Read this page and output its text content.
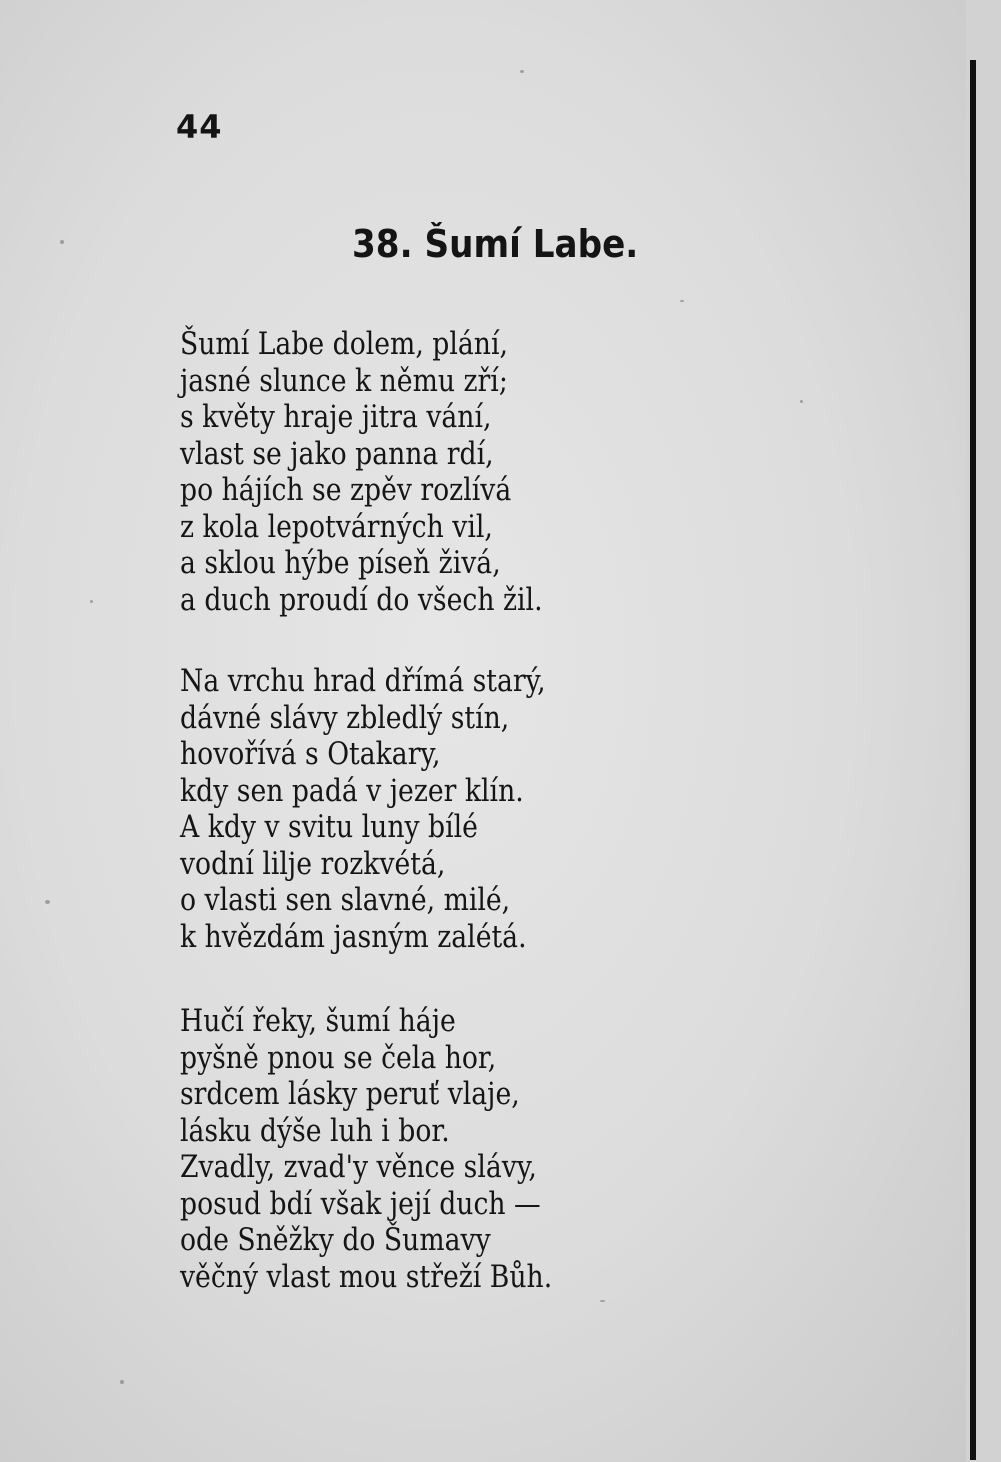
44
38. Šumí Labe.
Šumí Labe dolem, plání,
jasné slunce k němu zří;
s květy hraje jitra vání,
vlast se jako panna rdí,
po hájích se zpěv rozlívá
z kola lepotvárných vil,
a sklou hýbe píseň živá,
a duch proudí do všech žil.
Na vrchu hrad dřímá starý,
dávné slávy zbledlý stín,
hovořívá s Otakary,
kdy sen padá v jezer klín.
A kdy v svitu luny bílé
vodní lilje rozkvétá,
o vlasti sen slavné, milé,
k hvězdám jasným zalétá.
Hučí řeky, šumí háje
pyšně pnou se čela hor,
srdcem lásky peruť vlaje,
lásku dýše luh i bor.
Zvadly, zvad'y věnce slávy,
posud bdí však její duch —
ode Sněžky do Šumavy
věčný vlast mou střeží Bůh.
